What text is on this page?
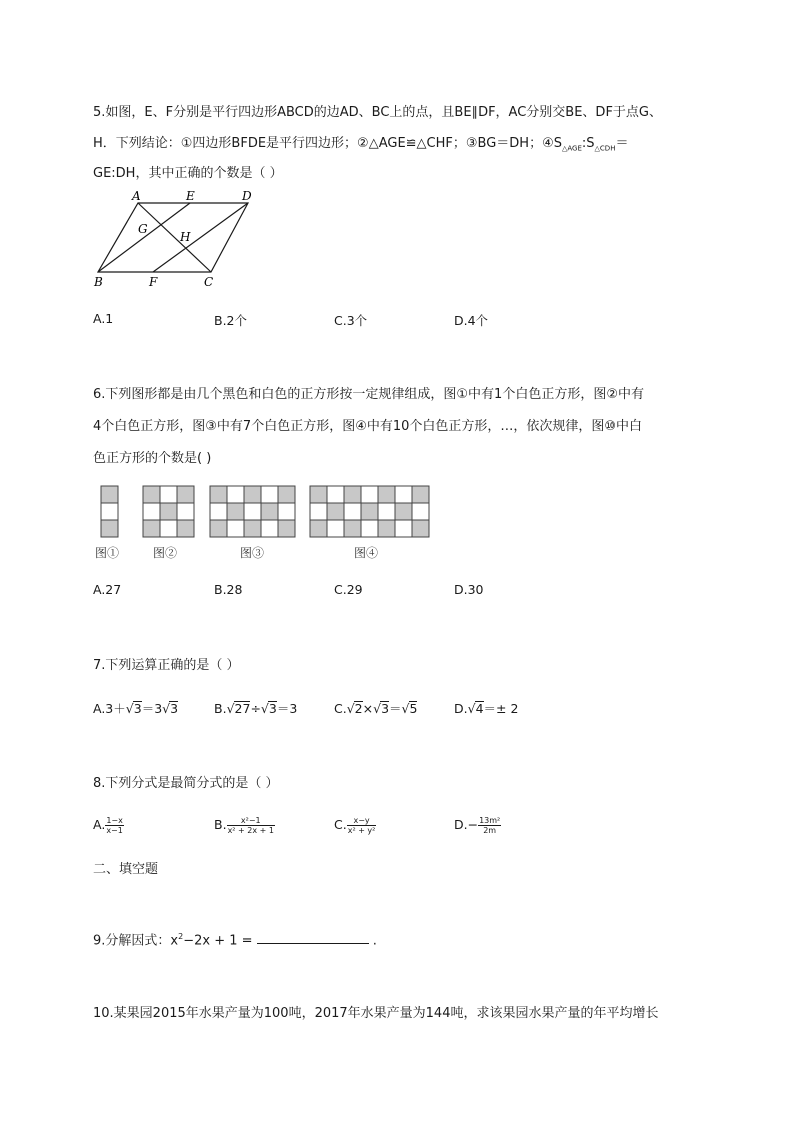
5.如图，E、F分别是平行四边形ABCD的边AD、BC上的点，且BE∥DF，AC分别交BE、DF于点G、
H．下列结论：①四边形BFDE是平行四边形；②△AGE≌△CHF；③BG＝DH；$④S_{\triangle AGE}:S_{\triangle CDH}=$
GE:DH，其中正确的个数是（ ）
A	E	D
G
H
B	F	C
A.1	B.2个	C.3个	D.4个
6.下列图形都是由几个黑色和白色的正方形按一定规律组成，图①中有1个白色正方形，图②中有
4个白色正方形，图③中有7个白色正方形，图④中有10个白色正方形，…，依次规律，图⑩中白
色正方形的个数是( )
图①	图②	图③	图④
A.27	B.28	C.29	D.30
7.下列运算正确的是（ ）
A.3＋√3＝3√3	B.√27÷√3＝3	C.√2×√3＝√5	D.√4＝± 2
8.下列分式是最简分式的是（ ）
A. $\frac{1-x}{x-1}$	B. $\frac{\text{x²−1}}{\text{x² + 2x + 1}}$	C. $\frac{x-y}{\text{x² + y²}}$	$D.- \frac{\text{13m²}}{2m}$
二、填空题
9.分解因式：$x^2-2x + 1$ =	.
10.某果园2015年水果产量为100吨，2017年水果产量为144吨，求该果园水果产量的年平均增长
